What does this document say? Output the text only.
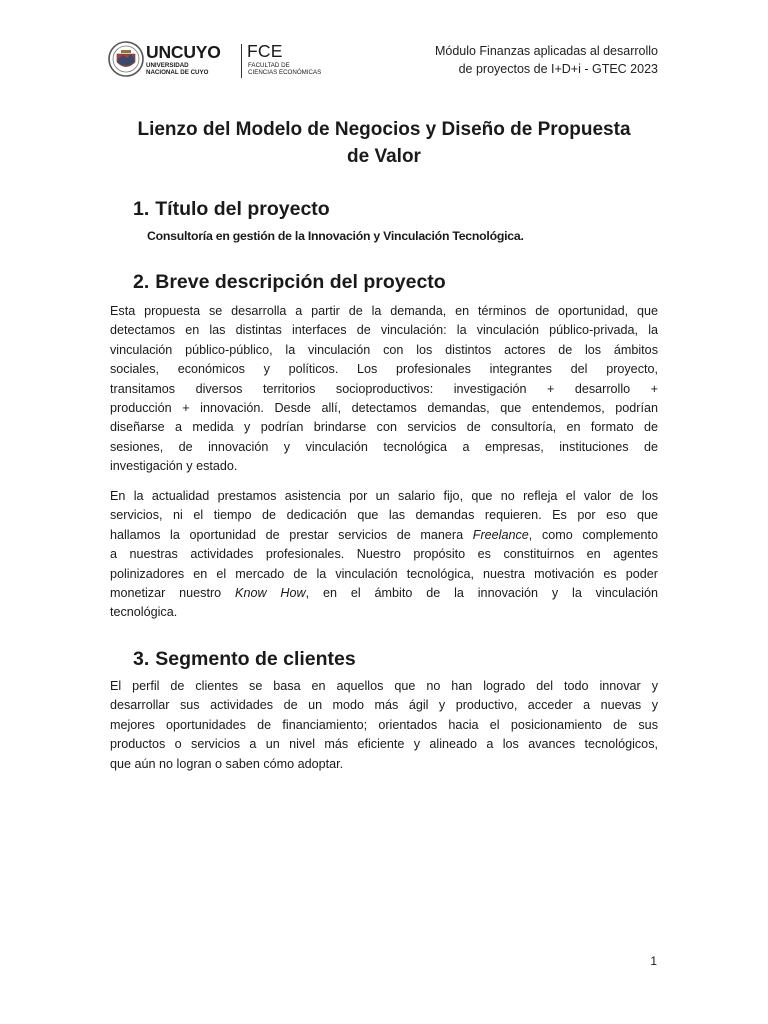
UNCUYO
UNIVERSIDAD
NACIONAL DE CUYO
FCE
FACULTAD DE
CIENCIAS ECONÓMICAS
Módulo Finanzas aplicadas al desarrollo
de proyectos de I+D+i - GTEC 2023
Lienzo del Modelo de Negocios y Diseño de Propuesta
de Valor
1. Título del proyecto

Consultoría en gestión de la Innovación y Vinculación Tecnológica.

2. Breve descripción del proyecto

Esta propuesta se desarrolla a partir de la demanda, en términos de oportunidad, que
detectamos en las distintas interfaces de vinculación: la vinculación público-privada, la
vinculación público-público, la vinculación con los distintos actores de los ámbitos
sociales, económicos y políticos. Los profesionales integrantes del proyecto,
transitamos diversos territorios socioproductivos: investigación + desarrollo +
producción + innovación. Desde allí, detectamos demandas, que entendemos, podrían
diseñarse a medida y podrían brindarse con servicios de consultoría, en formato de
sesiones, de innovación y vinculación tecnológica a empresas, instituciones de
investigación y estado.

En la actualidad prestamos asistencia por un salario fijo, que no refleja el valor de los
servicios, ni el tiempo de dedicación que las demandas requieren. Es por eso que
hallamos la oportunidad de prestar servicios de manera Freelance, como complemento
a nuestras actividades profesionales. Nuestro propósito es constituirnos en agentes
polinizadores en el mercado de la vinculación tecnológica, nuestra motivación es poder
monetizar nuestro Know How, en el ámbito de la innovación y la vinculación
tecnológica.

3. Segmento de clientes

El perfil de clientes se basa en aquellos que no han logrado del todo innovar y
desarrollar sus actividades de un modo más ágil y productivo, acceder a nuevas y
mejores oportunidades de financiamiento; orientados hacia el posicionamiento de sus
productos o servicios a un nivel más eficiente y alineado a los avances tecnológicos,
que aún no logran o saben cómo adoptar.

1
